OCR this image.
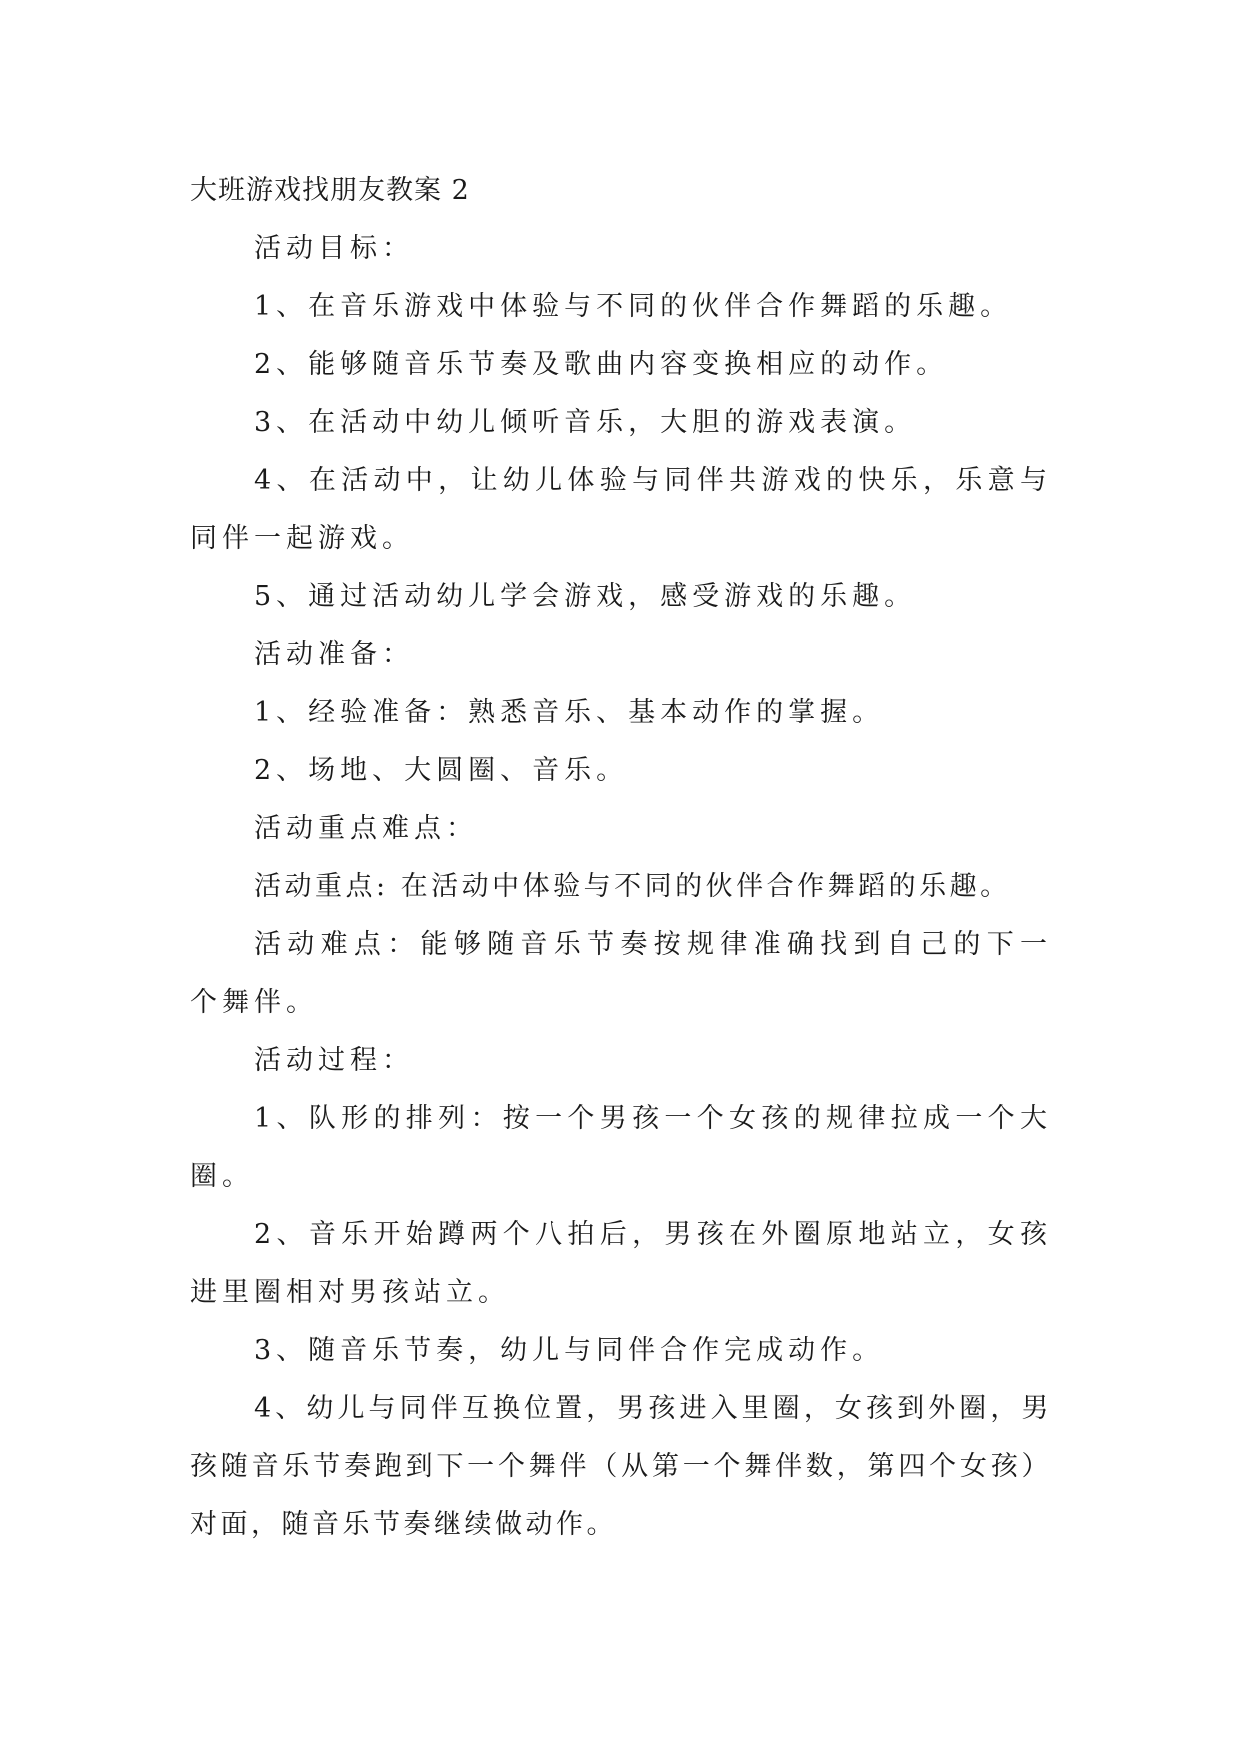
大班游戏找朋友教案 2

活动目标：

1、在音乐游戏中体验与不同的伙伴合作舞蹈的乐趣。

2、能够随音乐节奏及歌曲内容变换相应的动作。

3、在活动中幼儿倾听音乐，大胆的游戏表演。

4、在活动中，让幼儿体验与同伴共游戏的快乐，乐意与同伴一起游戏。

5、通过活动幼儿学会游戏，感受游戏的乐趣。

活动准备：

1、经验准备：熟悉音乐、基本动作的掌握。

2、场地、大圆圈、音乐。

活动重点难点：

活动重点: 在活动中体验与不同的伙伴合作舞蹈的乐趣。

活动难点：能够随音乐节奏按规律准确找到自己的下一个舞伴。

活动过程：

1、队形的排列：按一个男孩一个女孩的规律拉成一个大圈。

2、音乐开始蹲两个八拍后，男孩在外圈原地站立，女孩进里圈相对男孩站立。

3、随音乐节奏，幼儿与同伴合作完成动作。

4、幼儿与同伴互换位置，男孩进入里圈，女孩到外圈，男孩随音乐节奏跑到下一个舞伴（从第一个舞伴数，第四个女孩）对面，随音乐节奏继续做动作。
